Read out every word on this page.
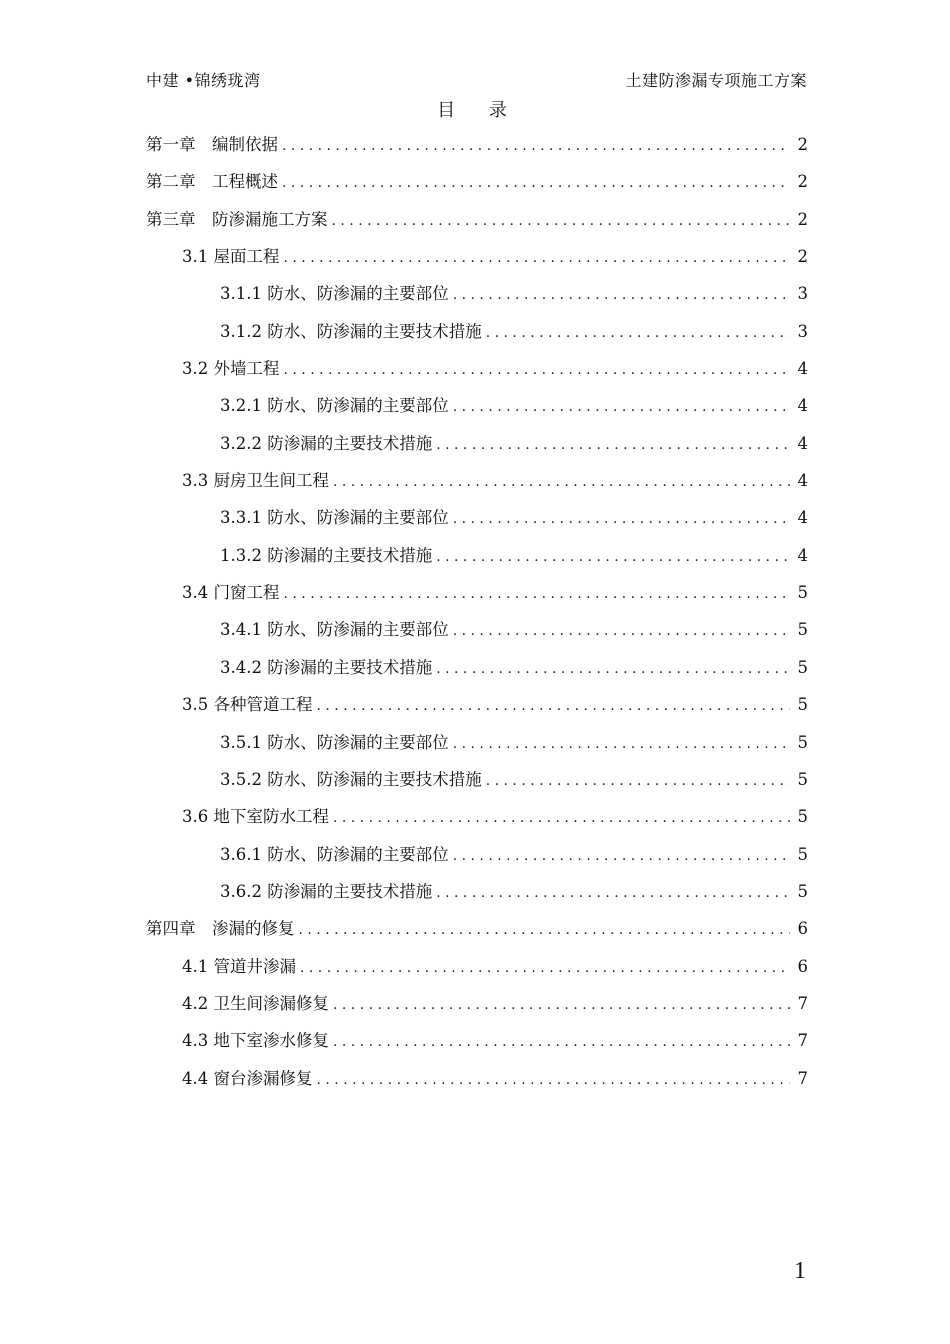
中建 •锦绣珑湾	土建防渗漏专项施工方案
目 录
第一章　编制依据 . . .	2
第二章　工程概述 . . .	2
第三章　防渗漏施工方案 . . .	2
3.1 屋面工程 . . .	2
3.1.1 防水、防渗漏的主要部位 . . .	3
3.1.2 防水、防渗漏的主要技术措施 . . .	3
3.2 外墙工程 . . .	4
3.2.1 防水、防渗漏的主要部位 . . .	4
3.2.2 防渗漏的主要技术措施 . . .	4
3.3 厨房卫生间工程 . . .	4
3.3.1 防水、防渗漏的主要部位 . . .	4
1.3.2 防渗漏的主要技术措施 . . .	4
3.4 门窗工程 . . .	5
3.4.1 防水、防渗漏的主要部位 . . .	5
3.4.2 防渗漏的主要技术措施 . . .	5
3.5 各种管道工程 . . .	5
3.5.1 防水、防渗漏的主要部位 . . .	5
3.5.2 防水、防渗漏的主要技术措施 . . .	5
3.6 地下室防水工程 . . .	5
3.6.1 防水、防渗漏的主要部位 . . .	5
3.6.2 防渗漏的主要技术措施 . . .	5
第四章　渗漏的修复 . . .	6
4.1 管道井渗漏 . . .	6
4.2 卫生间渗漏修复 . . .	7
4.3 地下室渗水修复 . . .	7
4.4 窗台渗漏修复 . . .	7
1
